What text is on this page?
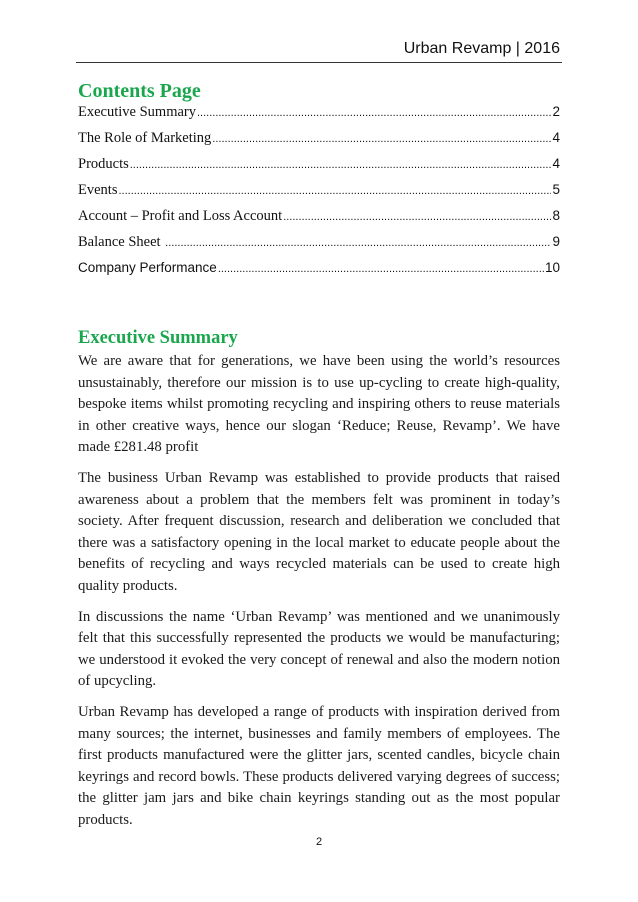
Urban Revamp | 2016
Contents Page
Executive Summary .....	2
The Role of Marketing .....	4
Products .....	4
Events .....	5
Account – Profit and Loss Account .....	8
Balance Sheet .....	9
Company Performance .....	10
Executive Summary

We are aware that for generations, we have been using the world’s resources unsustainably, therefore our mission is to use up-cycling to create high-quality, bespoke items whilst promoting recycling and inspiring others to reuse materials in other creative ways, hence our slogan ‘Reduce; Reuse, Revamp’. We have made £281.48 profit

The business Urban Revamp was established to provide products that raised awareness about a problem that the members felt was prominent in today’s society. After frequent discussion, research and deliberation we concluded that there was a satisfactory opening in the local market to educate people about the benefits of recycling and ways recycled materials can be used to create high quality products.

In discussions the name ‘Urban Revamp’ was mentioned and we unanimously felt that this successfully represented the products we would be manufacturing; we understood it evoked the very concept of renewal and also the modern notion of upcycling.

Urban Revamp has developed a range of products with inspiration derived from many sources; the internet, businesses and family members of employees. The first products manufactured were the glitter jars, scented candles, bicycle chain keyrings and record bowls. These products delivered varying degrees of success; the glitter jam jars and bike chain keyrings standing out as the most popular products.

2
